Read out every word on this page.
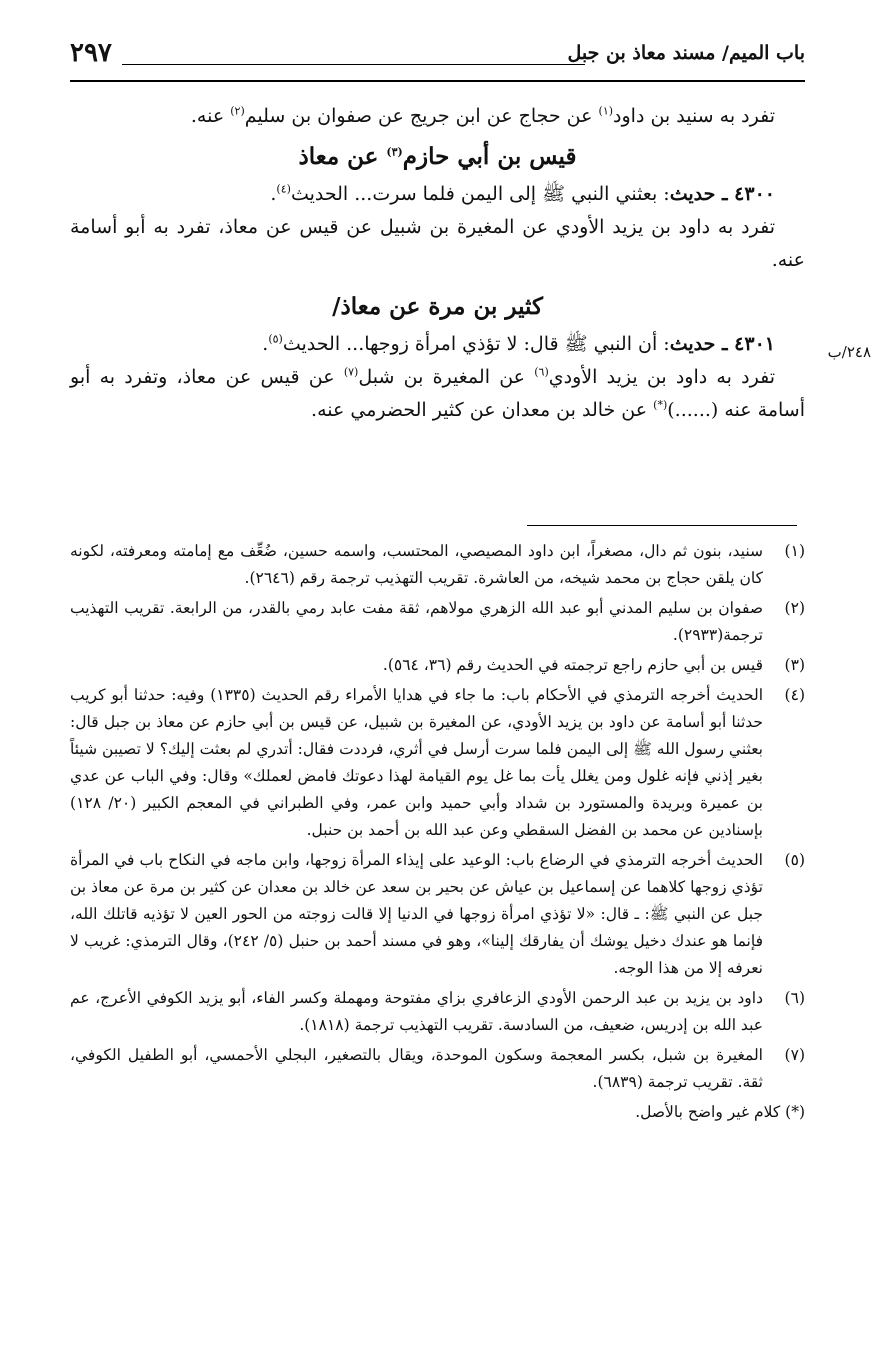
٢٩٧	باب الميم/ مسند معاذ بن جبل
٢٤٨/ب

تفرد به سنيد بن داود$^{(١)}$ عن حجاج عن ابن جريج عن صفوان بن سليم$^{(٢)}$ عنه.

قيس بن أبي حازم$^{(٣)}$ عن معاذ

٤٣٠٠ ـ حديث: بعثني النبي ﷺ إلى اليمن فلما سرت... الحديث$^{(٤)}$.

تفرد به داود بن يزيد الأودي عن المغيرة بن شبيل عن قيس عن معاذ، تفرد به أبو أسامة عنه.

كثير بن مرة عن معاذ/

٤٣٠١ ـ حديث: أن النبي ﷺ قال: لا تؤذي امرأة زوجها... الحديث$^{(٥)}$.

تفرد به داود بن يزيد الأودي$^{(٦)}$ عن المغيرة بن شبل$^{(٧)}$ عن قيس عن معاذ، وتفرد به أبو أسامة عنه (......)(*) عن خالد بن معدان عن كثير الحضرمي عنه.

(١)
سنيد، بنون ثم دال، مصغراً، ابن داود المصيصي، المحتسب، واسمه حسين، ضُعِّف مع إمامته ومعرفته، لكونه كان يلقن حجاج بن محمد شيخه، من العاشرة. تقريب التهذيب ترجمة رقم (٢٦٤٦).
(٢)
صفوان بن سليم المدني أبو عبد الله الزهري مولاهم، ثقة مفت عابد رمي بالقدر، من الرابعة. تقريب التهذيب ترجمة(٢٩٣٣).
(٣)
قيس بن أبي حازم راجع ترجمته في الحديث رقم (٣٦، ٥٦٤).
(٤)
الحديث أخرجه الترمذي في الأحكام باب: ما جاء في هدايا الأمراء رقم الحديث (١٣٣٥) وفيه: حدثنا أبو كريب حدثنا أبو أسامة عن داود بن يزيد الأودي، عن المغيرة بن شبيل، عن قيس بن أبي حازم عن معاذ بن جبل قال: بعثني رسول الله ﷺ إلى اليمن فلما سرت أرسل في أثري، فرددت فقال: أتدري لم بعثت إليك؟ لا تصيبن شيئاً بغير إذني فإنه غلول ومن يغلل يأت بما غل يوم القيامة لهذا دعوتك فامض لعملك» وقال: وفي الباب عن عدي بن عميرة وبريدة والمستورد بن شداد وأبي حميد وابن عمر، وفي الطبراني في المعجم الكبير (٢٠/ ١٢٨) بإسنادين عن محمد بن الفضل السقطي وعن عبد الله بن أحمد بن حنبل.
(٥)
الحديث أخرجه الترمذي في الرضاع باب: الوعيد على إيذاء المرأة زوجها، وابن ماجه في النكاح باب في المرأة تؤذي زوجها كلاهما عن إسماعيل بن عياش عن بحير بن سعد عن خالد بن معدان عن كثير بن مرة عن معاذ بن جبل عن النبي ﷺ: ـ قال: «لا تؤذي امرأة زوجها في الدنيا إلا قالت زوجته من الحور العين لا تؤذيه قاتلك الله، فإنما هو عندك دخيل يوشك أن يفارقك إلينا»، وهو في مسند أحمد بن حنبل (٥/ ٢٤٢)، وقال الترمذي: غريب لا نعرفه إلا من هذا الوجه.
(٦)
داود بن يزيد بن عبد الرحمن الأودي الزعافري بزاي مفتوحة ومهملة وكسر الفاء، أبو يزيد الكوفي الأعرج، عم عبد الله بن إدريس، ضعيف، من السادسة. تقريب التهذيب ترجمة (١٨١٨).
(٧)
المغيرة بن شبل، بكسر المعجمة وسكون الموحدة، ويقال بالتصغير، البجلي الأحمسي، أبو الطفيل الكوفي، ثقة. تقريب ترجمة (٦٨٣٩).

(*) كلام غير واضح بالأصل.
